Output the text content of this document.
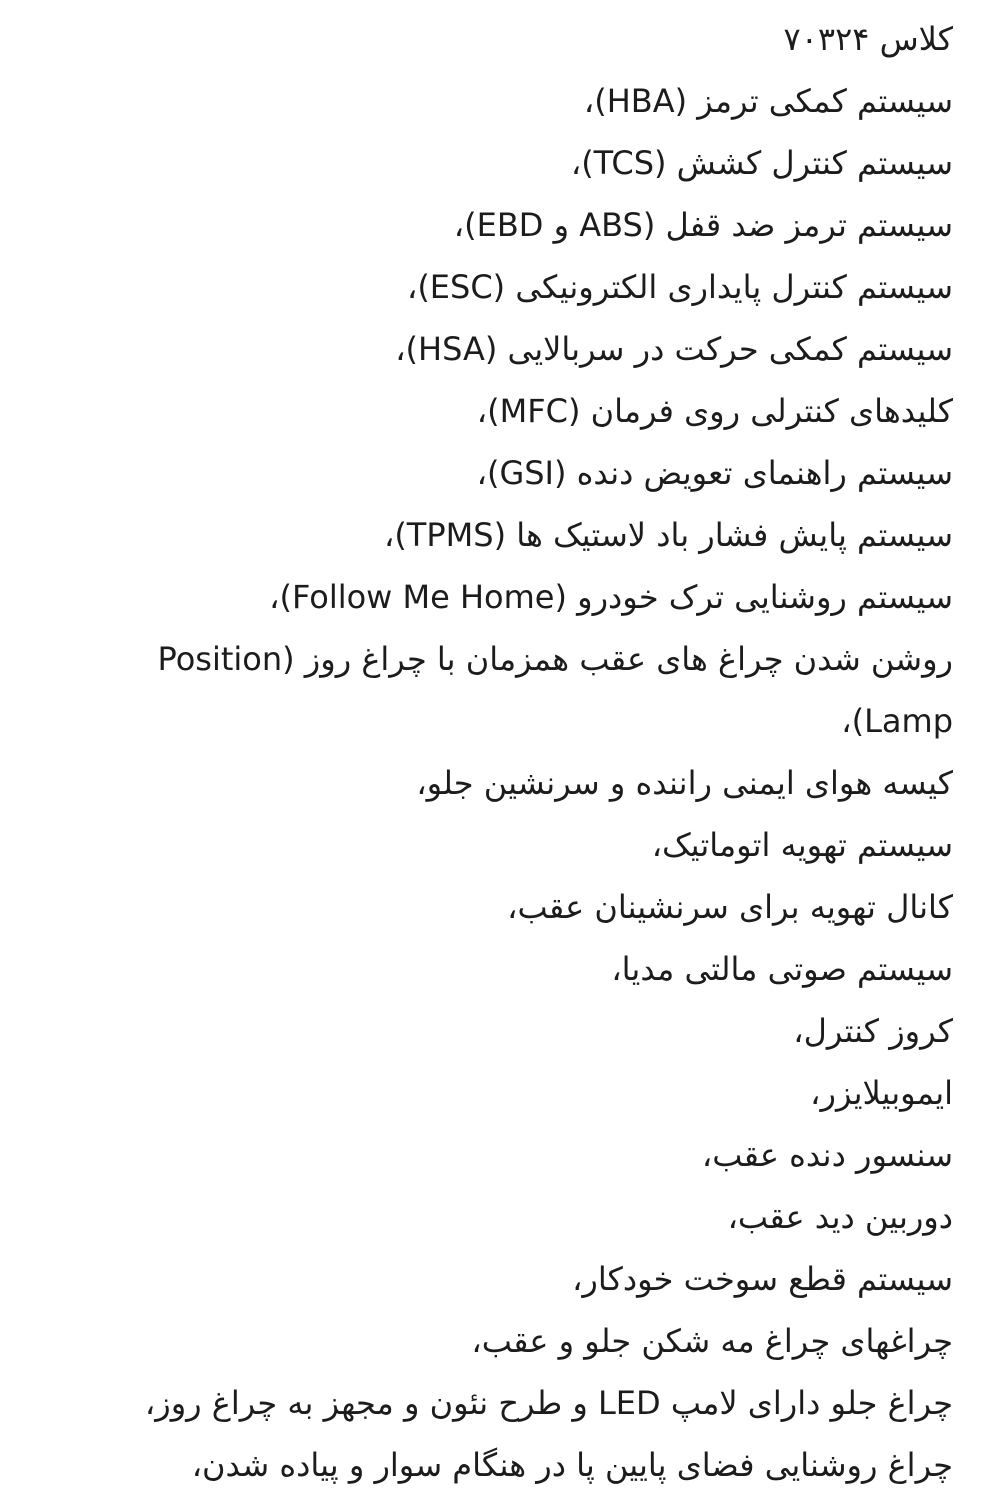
کلاس ۷۰۳۲۴
سیستم کمکی ترمز (HBA)،
سیستم کنترل کشش (TCS)،
سیستم ترمز ضد قفل (ABS و EBD)،
سیستم کنترل پایداری الکترونیکی (ESC)،
سیستم کمکی حرکت در سربالایی (HSA)،
کلیدهای کنترلی روی فرمان (MFC)،
سیستم راهنمای تعویض دنده (GSI)،
سیستم پایش فشار باد لاستیک ها (TPMS)،
سیستم روشنایی ترک خودرو (Follow Me Home)،
روشن شدن چراغ های عقب همزمان با چراغ روز (Position Lamp)،
کیسه هوای ایمنی راننده و سرنشین جلو،
سیستم تهویه اتوماتیک،
کانال تهویه برای سرنشینان عقب،
سیستم صوتی مالتی مدیا،
کروز کنترل،
ایموبیلایزر،
سنسور دنده عقب،
دوربین دید عقب،
سیستم قطع سوخت خودکار،
چراغهای چراغ مه شکن جلو و عقب،
چراغ جلو دارای لامپ LED و طرح نئون و مجهز به چراغ روز،
چراغ روشنایی فضای پایین پا در هنگام سوار و پیاده شدن،
